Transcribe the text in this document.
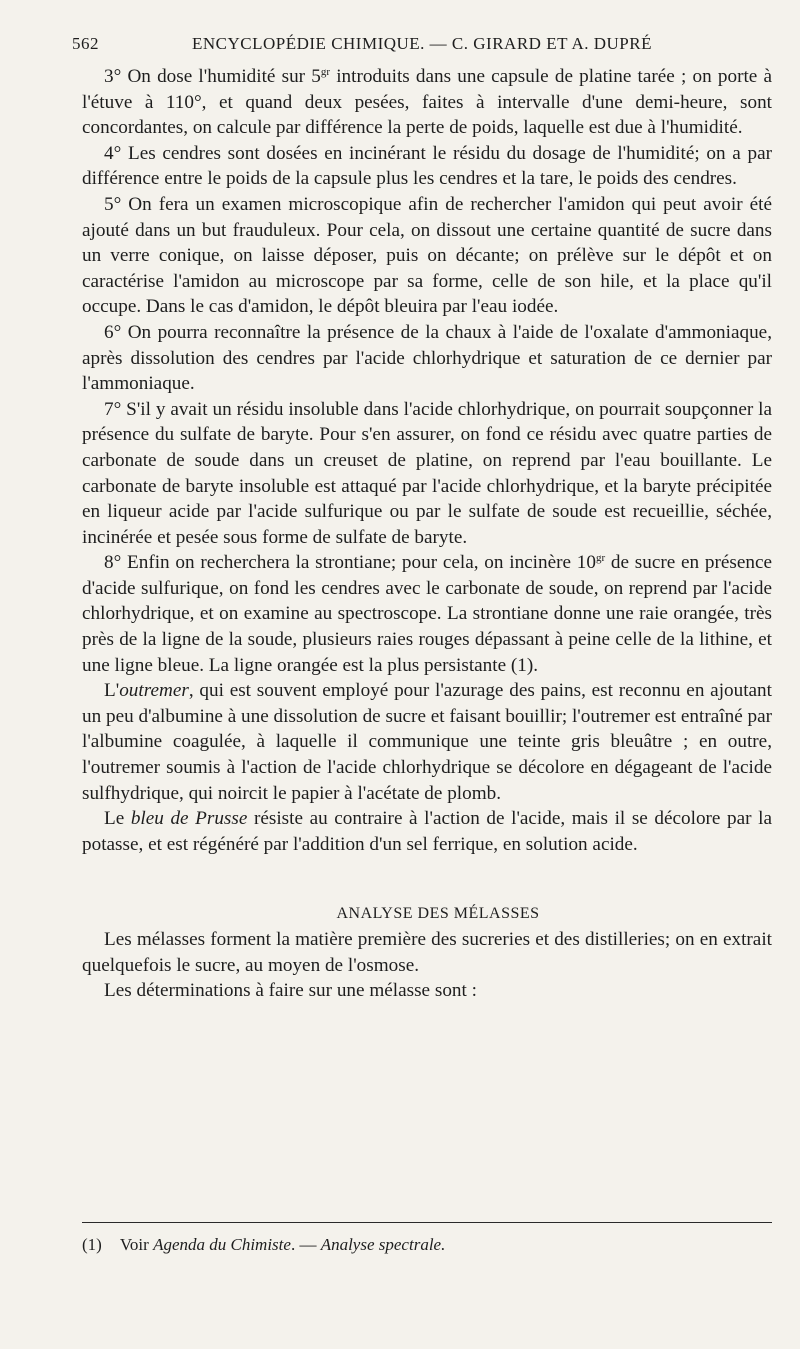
562	ENCYCLOPÉDIE CHIMIQUE. — C. GIRARD ET A. DUPRÉ

3° On dose l'humidité sur $5^{gr}$ introduits dans une capsule de platine tarée ; on porte à l'étuve à 110°, et quand deux pesées, faites à intervalle d'une demi-heure, sont concordantes, on calcule par différence la perte de poids, laquelle est due à l'humidité.

4° Les cendres sont dosées en incinérant le résidu du dosage de l'humidité; on a par différence entre le poids de la capsule plus les cendres et la tare, le poids des cendres.

5° On fera un examen microscopique afin de rechercher l'amidon qui peut avoir été ajouté dans un but frauduleux. Pour cela, on dissout une certaine quantité de sucre dans un verre conique, on laisse déposer, puis on décante; on prélève sur le dépôt et on caractérise l'amidon au microscope par sa forme, celle de son hile, et la place qu'il occupe. Dans le cas d'amidon, le dépôt bleuira par l'eau iodée.

6° On pourra reconnaître la présence de la chaux à l'aide de l'oxalate d'ammoniaque, après dissolution des cendres par l'acide chlorhydrique et saturation de ce dernier par l'ammoniaque.

7° S'il y avait un résidu insoluble dans l'acide chlorhydrique, on pourrait soupçonner la présence du sulfate de baryte. Pour s'en assurer, on fond ce résidu avec quatre parties de carbonate de soude dans un creuset de platine, on reprend par l'eau bouillante. Le carbonate de baryte insoluble est attaqué par l'acide chlorhydrique, et la baryte précipitée en liqueur acide par l'acide sulfurique ou par le sulfate de soude est recueillie, séchée, incinérée et pesée sous forme de sulfate de baryte.

8° Enfin on recherchera la strontiane; pour cela, on incinère $10^{gr}$ de sucre en présence d'acide sulfurique, on fond les cendres avec le carbonate de soude, on reprend par l'acide chlorhydrique, et on examine au spectroscope. La strontiane donne une raie orangée, très près de la ligne de la soude, plusieurs raies rouges dépassant à peine celle de la lithine, et une ligne bleue. La ligne orangée est la plus persistante (1).

L'outremer, qui est souvent employé pour l'azurage des pains, est reconnu en ajoutant un peu d'albumine à une dissolution de sucre et faisant bouillir; l'outremer est entraîné par l'albumine coagulée, à laquelle il communique une teinte gris bleuâtre ; en outre, l'outremer soumis à l'action de l'acide chlorhydrique se décolore en dégageant de l'acide sulfhydrique, qui noircit le papier à l'acétate de plomb.

Le bleu de Prusse résiste au contraire à l'action de l'acide, mais il se décolore par la potasse, et est régénéré par l'addition d'un sel ferrique, en solution acide.

ANALYSE DES MÉLASSES

Les mélasses forment la matière première des sucreries et des distilleries; on en extrait quelquefois le sucre, au moyen de l'osmose.

Les déterminations à faire sur une mélasse sont :

(1) Voir Agenda du Chimiste. — Analyse spectrale.
